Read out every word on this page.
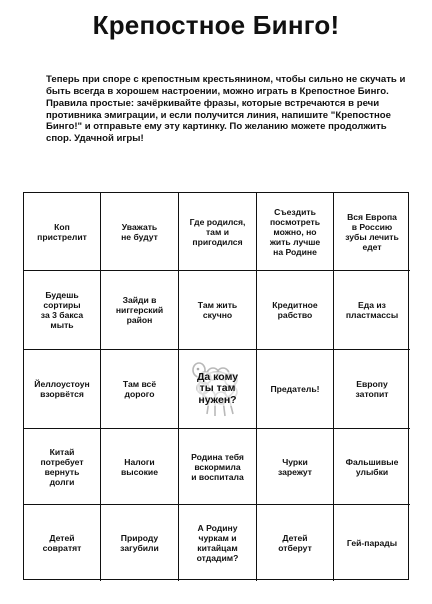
Крепостное Бинго!

Теперь при споре с крепостным крестьянином, чтобы сильно не скучать и быть всегда в хорошем настроении, можно играть в Крепостное Бинго.

Правила простые: зачёркивайте фразы, которые встречаются в речи противника эмиграции, и если получится линия, напишите "Крепостное Бинго!" и отправьте ему эту картинку. По желанию можете продолжить спор. Удачной игры!

Коп
пристрелит
Уважать
не будут
Где родился,
там и
пригодился
Съездить
посмотреть
можно, но
жить лучше
на Родине
Вся Европа
в Россию
зубы лечить
едет
Будешь
сортиры
за 3 бакса
мыть
Зайди в
ниггерский
район
Там жить
скучно
Кредитное
рабство
Еда из
пластмассы
Йеллоустоун
взорвётся
Там всё
дорого
Да кому
ты там
нужен?
Предатель!	Европу
затопит
Китай
потребует
вернуть
долги
Налоги
высокие
Родина тебя
вскормила
и воспитала
Чурки
зарежут
Фальшивые
улыбки
Детей
совратят
Природу
загубили
А Родину
чуркам и
китайцам
отдадим?
Детей
отберут	Гей-парады
